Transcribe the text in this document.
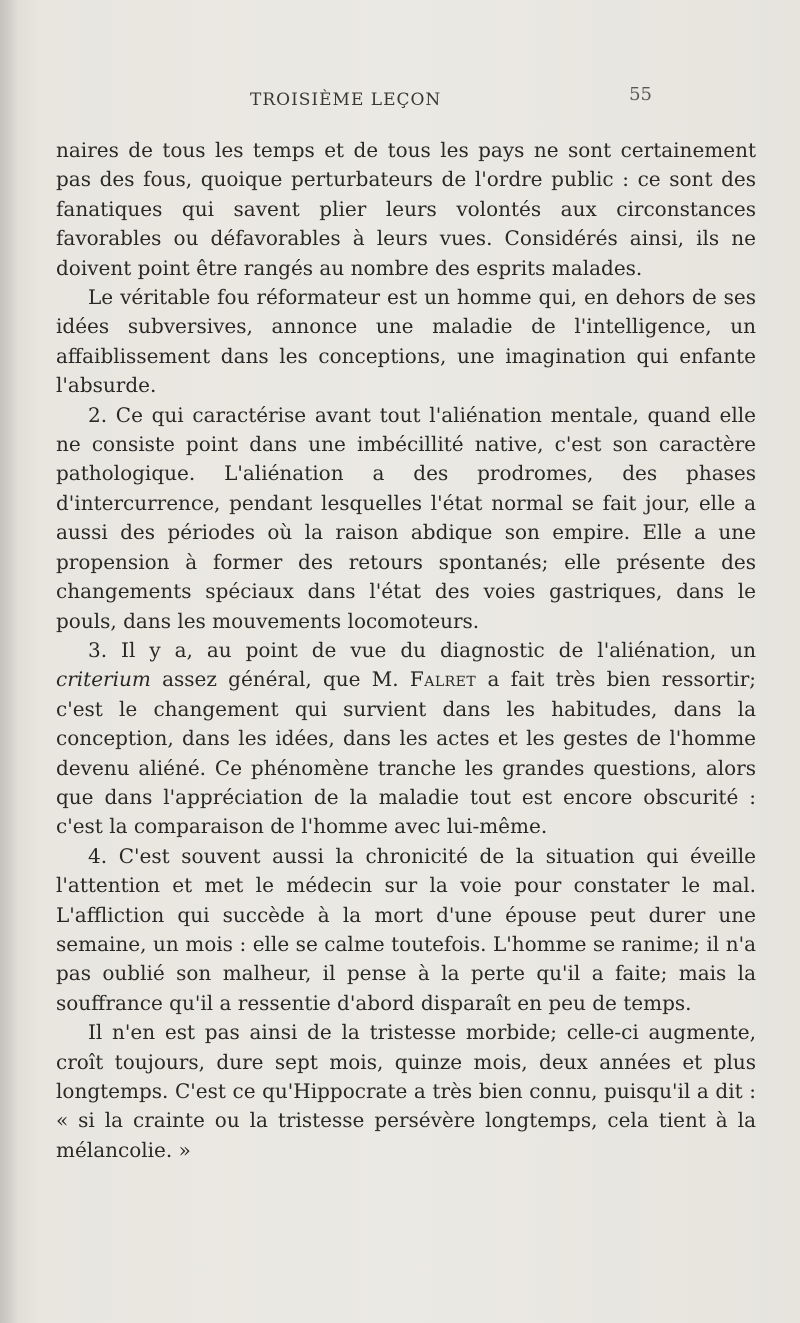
TROISIÈME LEÇON	55

naires de tous les temps et de tous les pays ne sont certainement pas des fous, quoique perturbateurs de l'ordre public : ce sont des fanatiques qui savent plier leurs volontés aux circonstances favorables ou défavorables à leurs vues. Considérés ainsi, ils ne doivent point être rangés au nombre des esprits malades.

Le véritable fou réformateur est un homme qui, en dehors de ses idées subversives, annonce une maladie de l'intelligence, un affaiblissement dans les conceptions, une imagination qui enfante l'absurde.

2. Ce qui caractérise avant tout l'aliénation mentale, quand elle ne consiste point dans une imbécillité native, c'est son caractère pathologique. L'aliénation a des prodromes, des phases d'intercurrence, pendant lesquelles l'état normal se fait jour, elle a aussi des périodes où la raison abdique son empire. Elle a une propension à former des retours spontanés; elle présente des changements spéciaux dans l'état des voies gastriques, dans le pouls, dans les mouvements locomoteurs.

3. Il y a, au point de vue du diagnostic de l'aliénation, un criterium assez général, que M. Falret a fait très bien ressortir; c'est le changement qui survient dans les habitudes, dans la conception, dans les idées, dans les actes et les gestes de l'homme devenu aliéné. Ce phénomène tranche les grandes questions, alors que dans l'appréciation de la maladie tout est encore obscurité : c'est la comparaison de l'homme avec lui-même.

4. C'est souvent aussi la chronicité de la situation qui éveille l'attention et met le médecin sur la voie pour constater le mal. L'affliction qui succède à la mort d'une épouse peut durer une semaine, un mois : elle se calme toutefois. L'homme se ranime; il n'a pas oublié son malheur, il pense à la perte qu'il a faite; mais la souffrance qu'il a ressentie d'abord disparaît en peu de temps.

Il n'en est pas ainsi de la tristesse morbide; celle-ci augmente, croît toujours, dure sept mois, quinze mois, deux années et plus longtemps. C'est ce qu'Hippocrate a très bien connu, puisqu'il a dit : « si la crainte ou la tristesse persévère longtemps, cela tient à la mélancolie. »
